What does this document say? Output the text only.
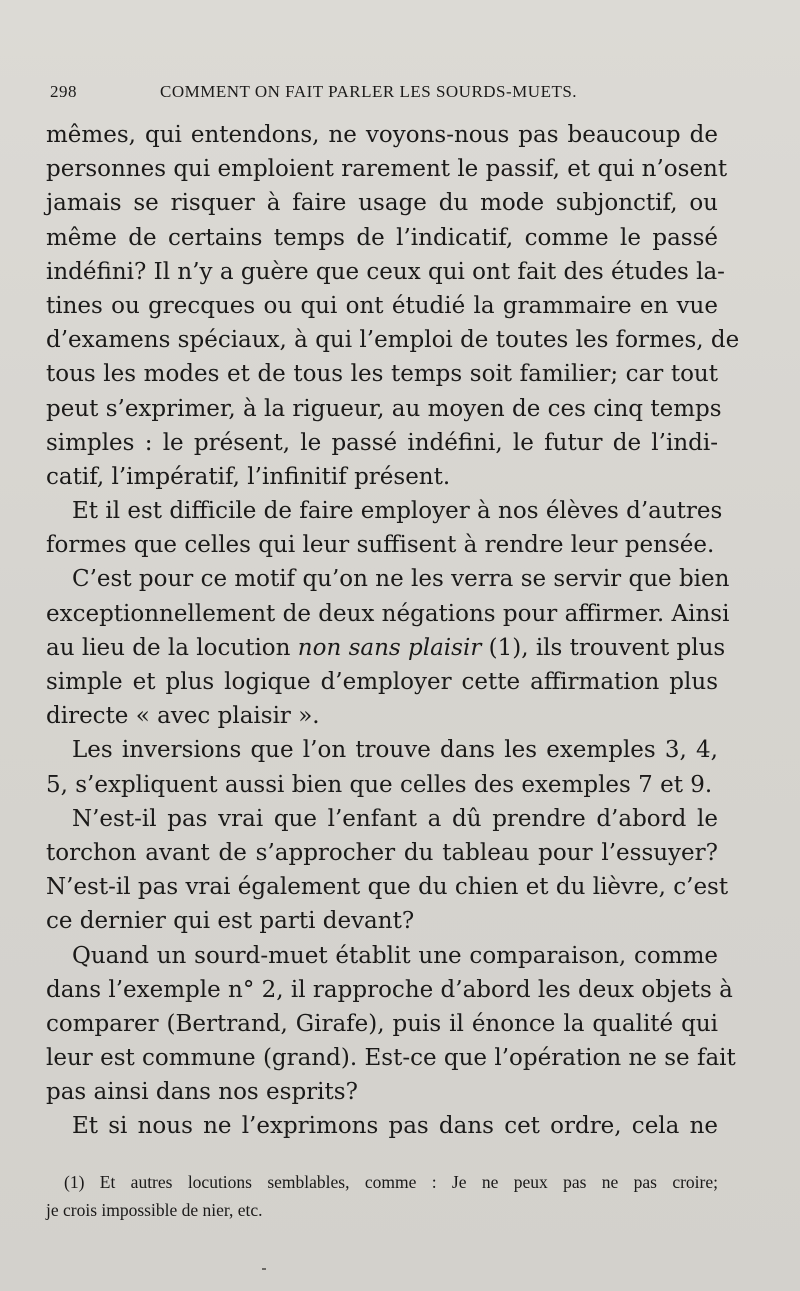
298	COMMENT ON FAIT PARLER LES SOURDS-MUETS.
mêmes, qui entendons, ne voyons-nous pas beaucoup de
personnes qui emploient rarement le passif, et qui n’osent
jamais se risquer à faire usage du mode subjonctif, ou
même de certains temps de l’indicatif, comme le passé
indéfini? Il n’y a guère que ceux qui ont fait des études la-
tines ou grecques ou qui ont étudié la grammaire en vue
d’examens spéciaux, à qui l’emploi de toutes les formes, de
tous les modes et de tous les temps soit familier; car tout
peut s’exprimer, à la rigueur, au moyen de ces cinq temps
simples : le présent, le passé indéfini, le futur de l’indi-
catif, l’impératif, l’infinitif présent.
Et il est difficile de faire employer à nos élèves d’autres
formes que celles qui leur suffisent à rendre leur pensée.
C’est pour ce motif qu’on ne les verra se servir que bien
exceptionnellement de deux négations pour affirmer. Ainsi
au lieu de la locution non sans plaisir (1), ils trouvent plus
simple et plus logique d’employer cette affirmation plus
directe « avec plaisir ».
Les inversions que l’on trouve dans les exemples 3, 4,
5, s’expliquent aussi bien que celles des exemples 7 et 9.
N’est-il pas vrai que l’enfant a dû prendre d’abord le
torchon avant de s’approcher du tableau pour l’essuyer?
N’est-il pas vrai également que du chien et du lièvre, c’est
ce dernier qui est parti devant?
Quand un sourd-muet établit une comparaison, comme
dans l’exemple n° 2, il rapproche d’abord les deux objets à
comparer (Bertrand, Girafe), puis il énonce la qualité qui
leur est commune (grand). Est-ce que l’opération ne se fait
pas ainsi dans nos esprits?
Et si nous ne l’exprimons pas dans cet ordre, cela ne
(1) Et autres locutions semblables, comme : Je ne peux pas ne pas croire;
je crois impossible de nier, etc.
